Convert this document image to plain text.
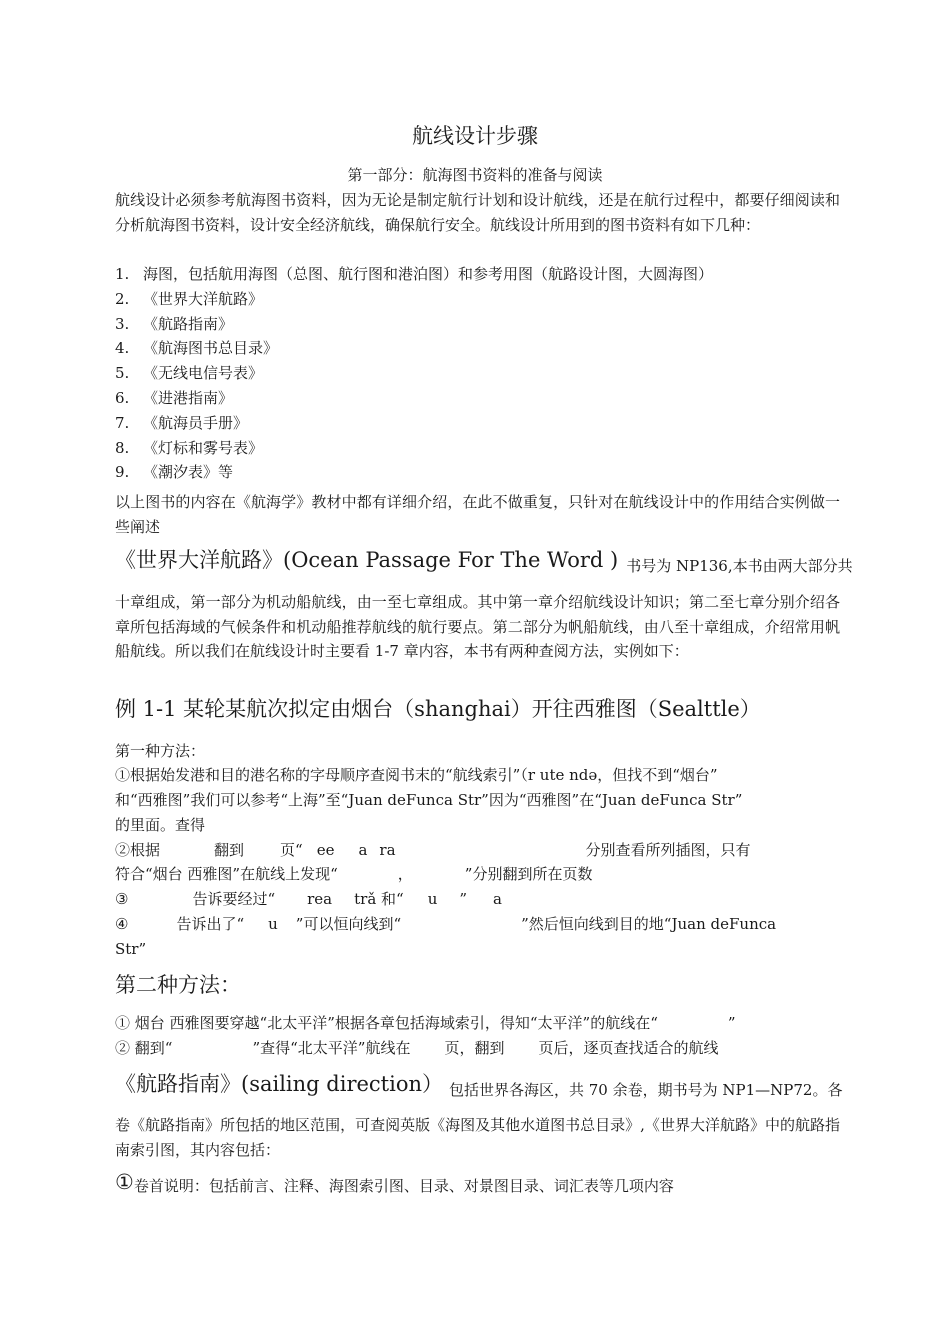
航线设计步骤
第一部分：航海图书资料的准备与阅读
航线设计必须参考航海图书资料，因为无论是制定航行计划和设计航线，还是在航行过程中，都要仔细阅读和分析航海图书资料，设计安全经济航线，确保航行安全。航线设计所用到的图书资料有如下几种：
1. 海图，包括航用海图（总图、航行图和港泊图）和参考用图（航路设计图，大圆海图）
2. 《世界大洋航路》
3. 《航路指南》
4. 《航海图书总目录》
5. 《无线电信号表》
6. 《进港指南》
7. 《航海员手册》
8. 《灯标和雾号表》
9. 《潮汐表》等
以上图书的内容在《航海学》教材中都有详细介绍，在此不做重复，只针对在航线设计中的作用结合实例做一些阐述
《世界大洋航路》(Ocean Passage For The Word ) 书号为 NP136,本书由两大部分共
十章组成，第一部分为机动船航线，由一至七章组成。其中第一章介绍航线设计知识；第二至七章分别介绍各章所包括海域的气候条件和机动船推荐航线的航行要点。第二部分为帆船航线，由八至十章组成，介绍常用帆船航线。所以我们在航线设计时主要看 1-7 章内容，本书有两种查阅方法，实例如下：
例 1-1 某轮某航次拟定由烟台（shanghai）开往西雅图（Sealttle）
第一种方法：
①根据始发港和目的港名称的字母顺序查阅书末的“航线索引”（r ute ndə，但找不到“烟台”
和“西雅图”我们可以参考“上海”至“Juan deFunca Str”因为“西雅图”在“Juan deFunca Str”
的里面。查得
②根据	翻到 页“ ee a ra	分别查看所列插图，只有
符合“烟台 西雅图”在航线上发现“	，	”分别翻到所在页数
③	告诉要经过“ rea trǎ 和“ u ” a
④	告诉出了“ u ”可以恒向线到“	”然后恒向线到目的地“Juan deFunca
Str”
第二种方法：
① 烟台 西雅图要穿越“北太平洋”根据各章包括海域索引，得知“太平洋”的航线在“	”
② 翻到“	”查得“北太平洋”航线在 页，翻到 页后，逐页查找适合的航线
《航路指南》(sailing direction） 包括世界各海区，共 70 余卷，期书号为 NP1—NP72。各
卷《航路指南》所包括的地区范围，可查阅英版《海图及其他水道图书总目录》,《世界大洋航路》中的航路指南索引图，其内容包括：
①卷首说明：包括前言、注释、海图索引图、目录、对景图目录、词汇表等几项内容
